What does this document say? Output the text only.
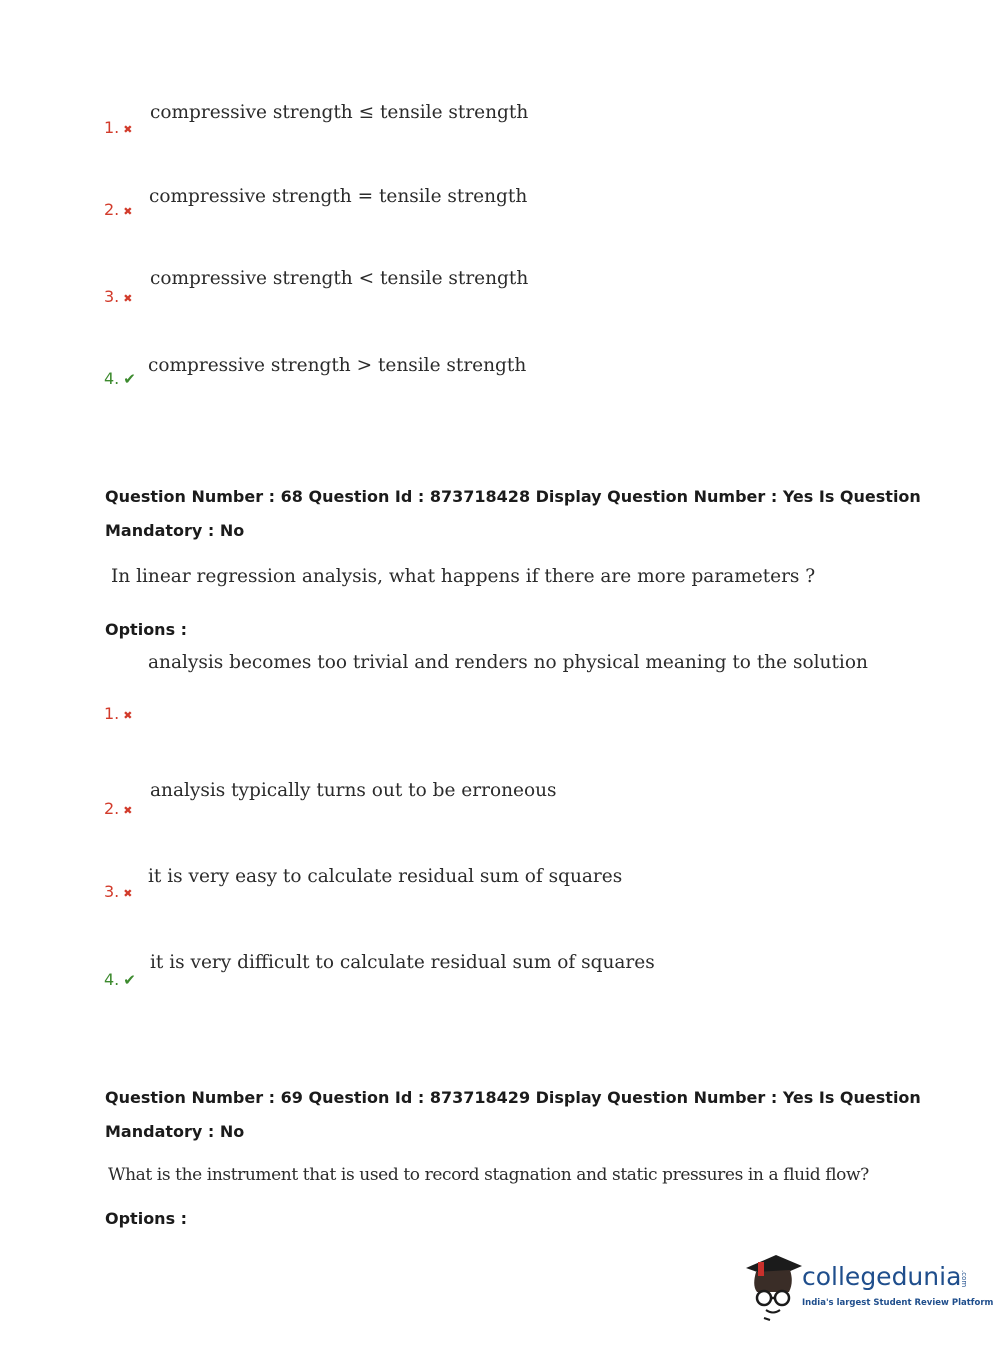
1. ✖
compressive strength ≤ tensile strength
2. ✖
compressive strength = tensile strength
3. ✖
compressive strength < tensile strength
4. ✔
compressive strength > tensile strength
Question Number : 68 Question Id : 873718428 Display Question Number : Yes Is Question
Mandatory : No
In linear regression analysis, what happens if there are more parameters ?
Options :
analysis becomes too trivial and renders no physical meaning to the solution
1. ✖
analysis typically turns out to be erroneous
2. ✖
it is very easy to calculate residual sum of squares
3. ✖
it is very difficult to calculate residual sum of squares
4. ✔
Question Number : 69 Question Id : 873718429 Display Question Number : Yes Is Question
Mandatory : No
What is the instrument that is used to record stagnation and static pressures in a fluid flow?
Options :
collegedunia
.com
India's largest Student Review Platform
